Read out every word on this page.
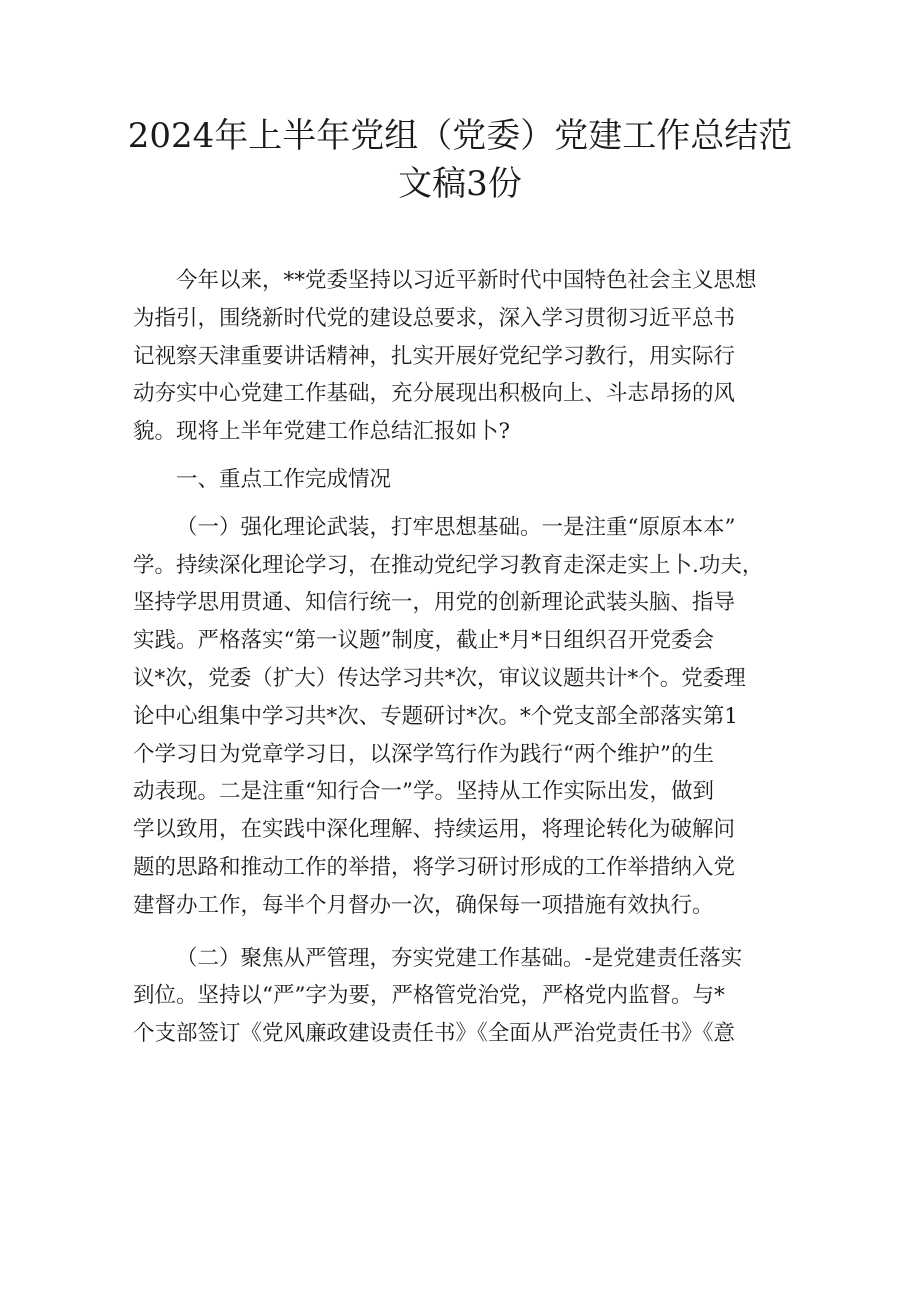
2024年上半年党组（党委）党建工作总结范
文稿3份

今年以来，**党委坚持以习近平新时代中国特色社会主义思想
为指引，围绕新时代党的建设总要求，深入学习贯彻习近平总书
记视察天津重要讲话精神，扎实开展好党纪学习教行，用实际行
动夯实中心党建工作基础，充分展现出积极向上、斗志昂扬的风
貌。现将上半年党建工作总结汇报如卜?

一、重点工作完成情况

（一）强化理论武装，打牢思想基础。一是注重“原原本本”
学。持续深化理论学习，在推动党纪学习教育走深走实上卜.功夫，
坚持学思用贯通、知信行统一，用党的创新理论武装头脑、指导
实践。严格落实“第一议题”制度，截止*月*日组织召开党委会
议*次，党委（扩大）传达学习共*次，审议议题共计*个。党委理
论中心组集中学习共*次、专题研讨*次。*个党支部全部落实第1
个学习日为党章学习日，以深学笃行作为践行“两个维护”的生
动表现。二是注重“知行合一”学。坚持从工作实际出发，做到
学以致用，在实践中深化理解、持续运用，将理论转化为破解问
题的思路和推动工作的举措，将学习研讨形成的工作举措纳入党
建督办工作，每半个月督办一次，确保每一项措施有效执行。

（二）聚焦从严管理，夯实党建工作基础。-是党建责任落实
到位。坚持以“严”字为要，严格管党治党，严格党内监督。与*
个支部签订《党风廉政建设责任书》《全面从严治党责任书》《意
